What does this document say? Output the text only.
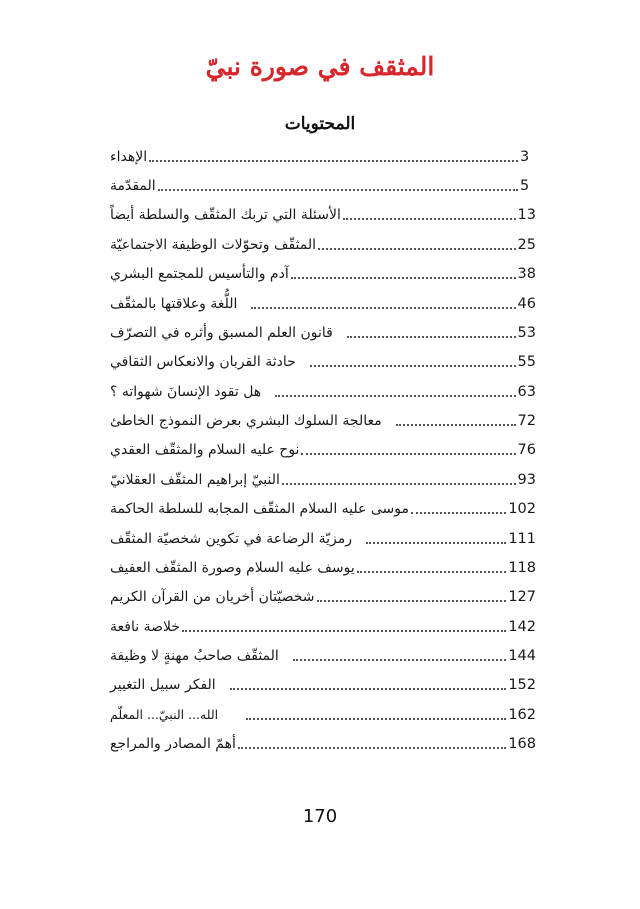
المثقف في صورة نبيّ
المحتويات
الإهداء	3
المقدّمة	5
الأسئلة التي تربك المثقّف والسلطة أيضاً	13
المثقّف وتحوّلات الوظيفة الاجتماعيّة	25
آدم والتأسيس للمجتمع البشري	38
اللُّغة وعلاقتها بالمثقّف	46
قانون العلم المسبق وأثره في التصرّف	53
حادثة القربان والانعكاس الثقافي	55
هل تقود الإنسانَ شهواته ؟	63
معالجة السلوك البشري بعرض النموذج الخاطئ	72
نوح عليه السلام والمثقّف العقدي	76
النبيّ إبراهيم المثقّف العقلانيّ	93
موسى عليه السلام المثقّف المجابه للسلطة الحاكمة	102
رمزيّة الرضاعة في تكوين شخصيّة المثقّف	111
يوسف عليه السلام وصورة المثقّف العفيف	118
شخصيّتان أخريان من القرآن الكريم	127
خلاصة نافعة	142
المثقّف صاحبُ مهنةٍ لا وظيفة	144
الفكر سبيل التغيير	152
الله... النبيّ... المعلّم	162
أهمّ المصادر والمراجع	168
170
